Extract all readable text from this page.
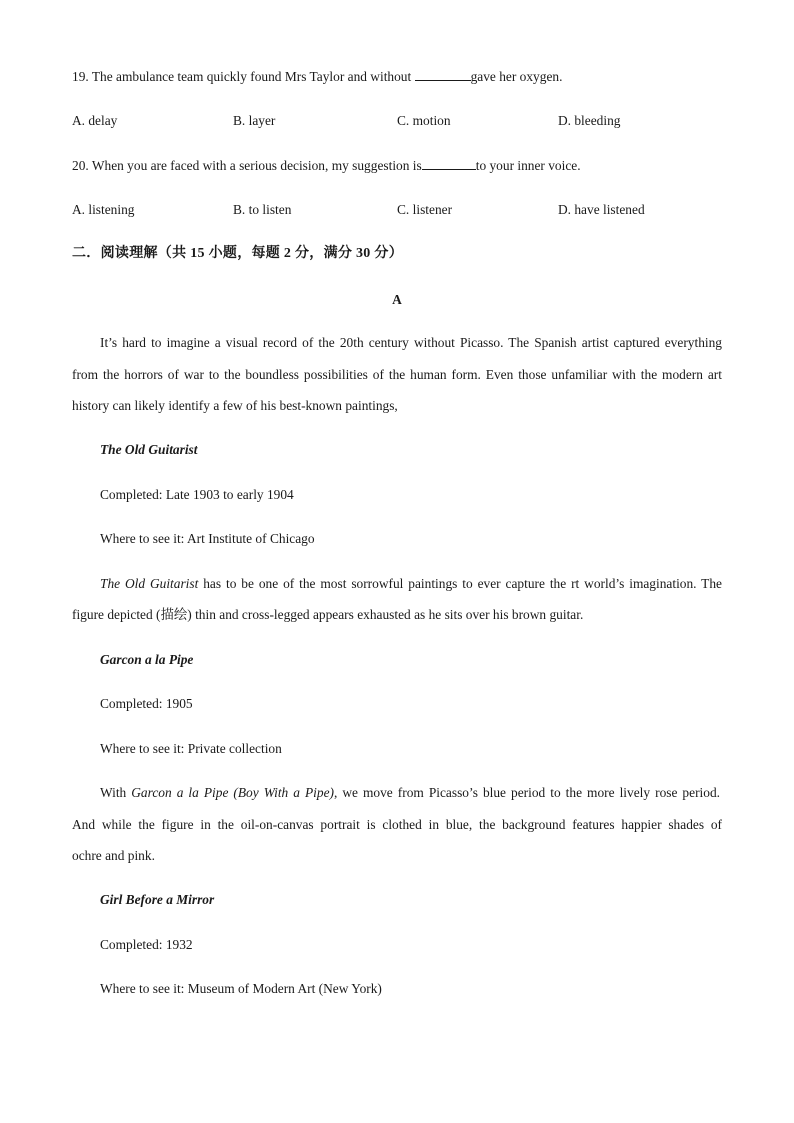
19. The ambulance team quickly found Mrs Taylor and without	gave her oxygen.
A. delay	B. layer	C. motion	D. bleeding
20. When you are faced with a serious decision, my suggestion is	to your inner voice.
A. listening	B. to listen	C. listener	D. have listened
二．阅读理解（共 15 小题，每题 2 分，满分 30 分）
A
It’s hard to imagine a visual record of the 20th century without Picasso. The Spanish artist captured everything
from the horrors of war to the boundless possibilities of the human form. Even those unfamiliar with the modern art
history can likely identify a few of his best-known paintings,
The Old Guitarist
Completed: Late 1903 to early 1904
Where to see it: Art Institute of Chicago
The Old Guitarist has to be one of the most sorrowful paintings to ever capture the rt world’s imagination. The
figure depicted (描绘) thin and cross-legged appears exhausted as he sits over his brown guitar.
Garcon a la Pipe
Completed: 1905
Where to see it: Private collection
With Garcon a la Pipe (Boy With a Pipe), we move from Picasso’s blue period to the more lively rose period.
And while the figure in the oil-on-canvas portrait is clothed in blue, the background features happier shades of
ochre and pink.
Girl Before a Mirror
Completed: 1932
Where to see it: Museum of Modern Art (New York)
